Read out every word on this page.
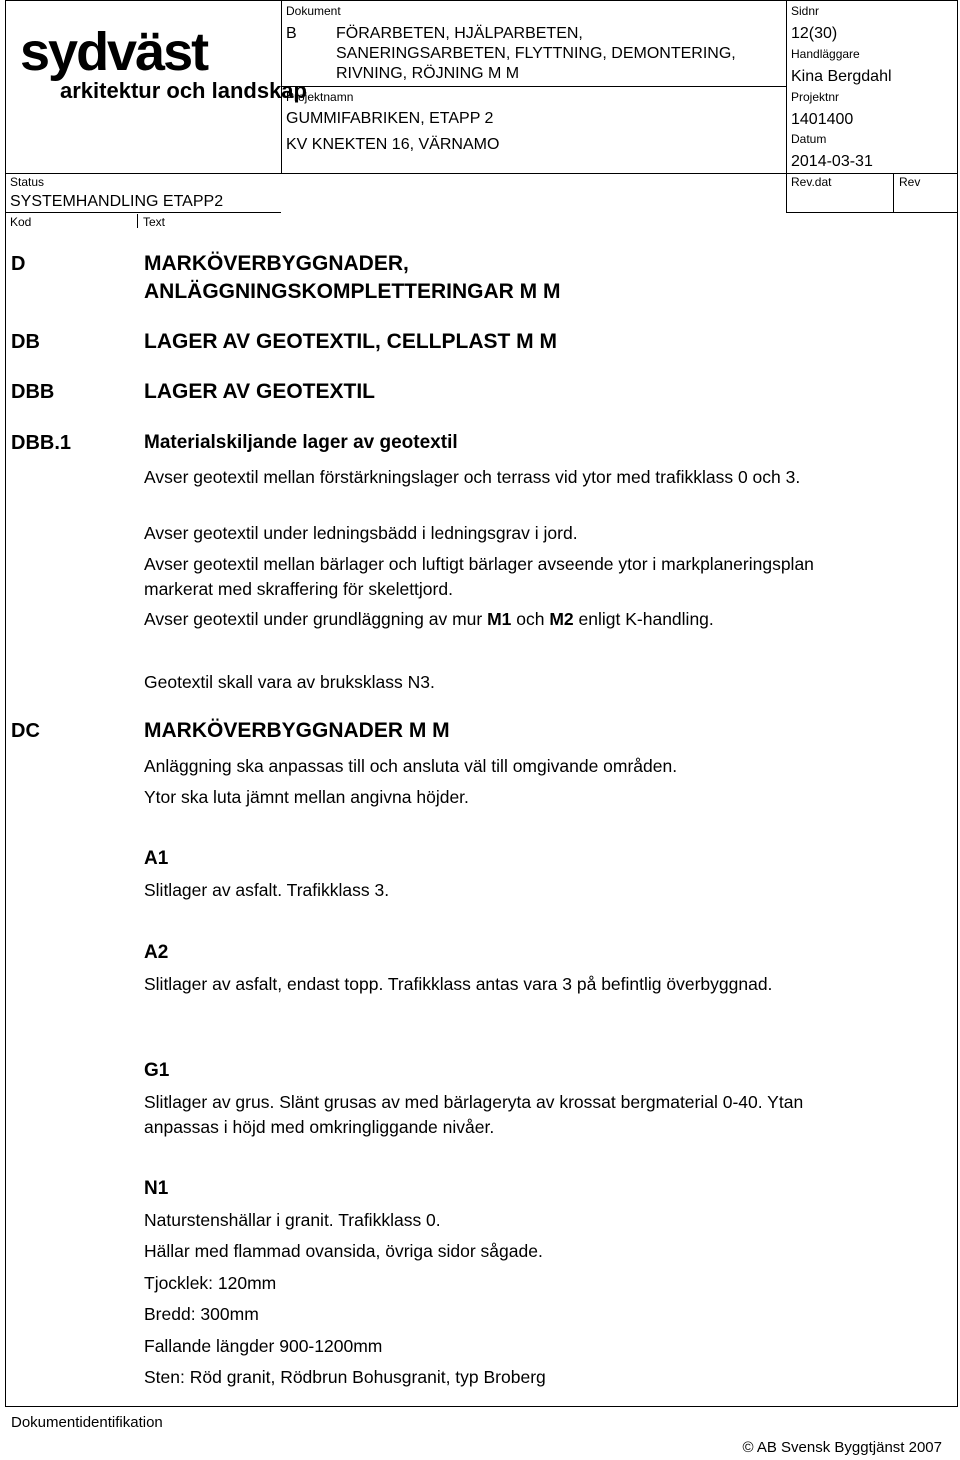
sydväst
arkitektur och landskap
Dokument
B FÖRARBETEN, HJÄLPARBETEN,
SANERINGSARBETEN, FLYTTNING, DEMONTERING,
RIVNING, RÖJNING M M
Projektnamn
GUMMIFABRIKEN, ETAPP 2
KV KNEKTEN 16, VÄRNAMO
Sidnr
12(30)
Handläggare
Kina Bergdahl
Projektnr
1401400
Datum
2014-03-31
Status
SYSTEMHANDLING ETAPP2
Rev.dat	Rev
Kod	Text
D	MARKÖVERBYGGNADER,
ANLÄGGNINGSKOMPLETTERINGAR M M
DB	LAGER AV GEOTEXTIL, CELLPLAST M M
DBB	LAGER AV GEOTEXTIL
DBB.1	Materialskiljande lager av geotextil
Avser geotextil mellan förstärkningslager och terrass vid ytor med trafikklass 0 och 3.
Avser geotextil under ledningsbädd i ledningsgrav i jord.
Avser geotextil mellan bärlager och luftigt bärlager avseende ytor i markplaneringsplan markerat med skraffering för skelettjord.
Avser geotextil under grundläggning av mur M1 och M2 enligt K-handling.
Geotextil skall vara av bruksklass N3.
DC	MARKÖVERBYGGNADER M M
Anläggning ska anpassas till och ansluta väl till omgivande områden.
Ytor ska luta jämnt mellan angivna höjder.
A1
Slitlager av asfalt. Trafikklass 3.
A2
Slitlager av asfalt, endast topp. Trafikklass antas vara 3 på befintlig överbyggnad.
G1
Slitlager av grus. Slänt grusas av med bärlageryta av krossat bergmaterial 0-40. Ytan anpassas i höjd med omkringliggande nivåer.
N1
Naturstenshällar i granit. Trafikklass 0.
Hällar med flammad ovansida, övriga sidor sågade.
Tjocklek: 120mm
Bredd: 300mm
Fallande längder 900-1200mm
Sten: Röd granit, Rödbrun Bohusgranit, typ Broberg
Dokumentidentifikation
© AB Svensk Byggtjänst 2007
